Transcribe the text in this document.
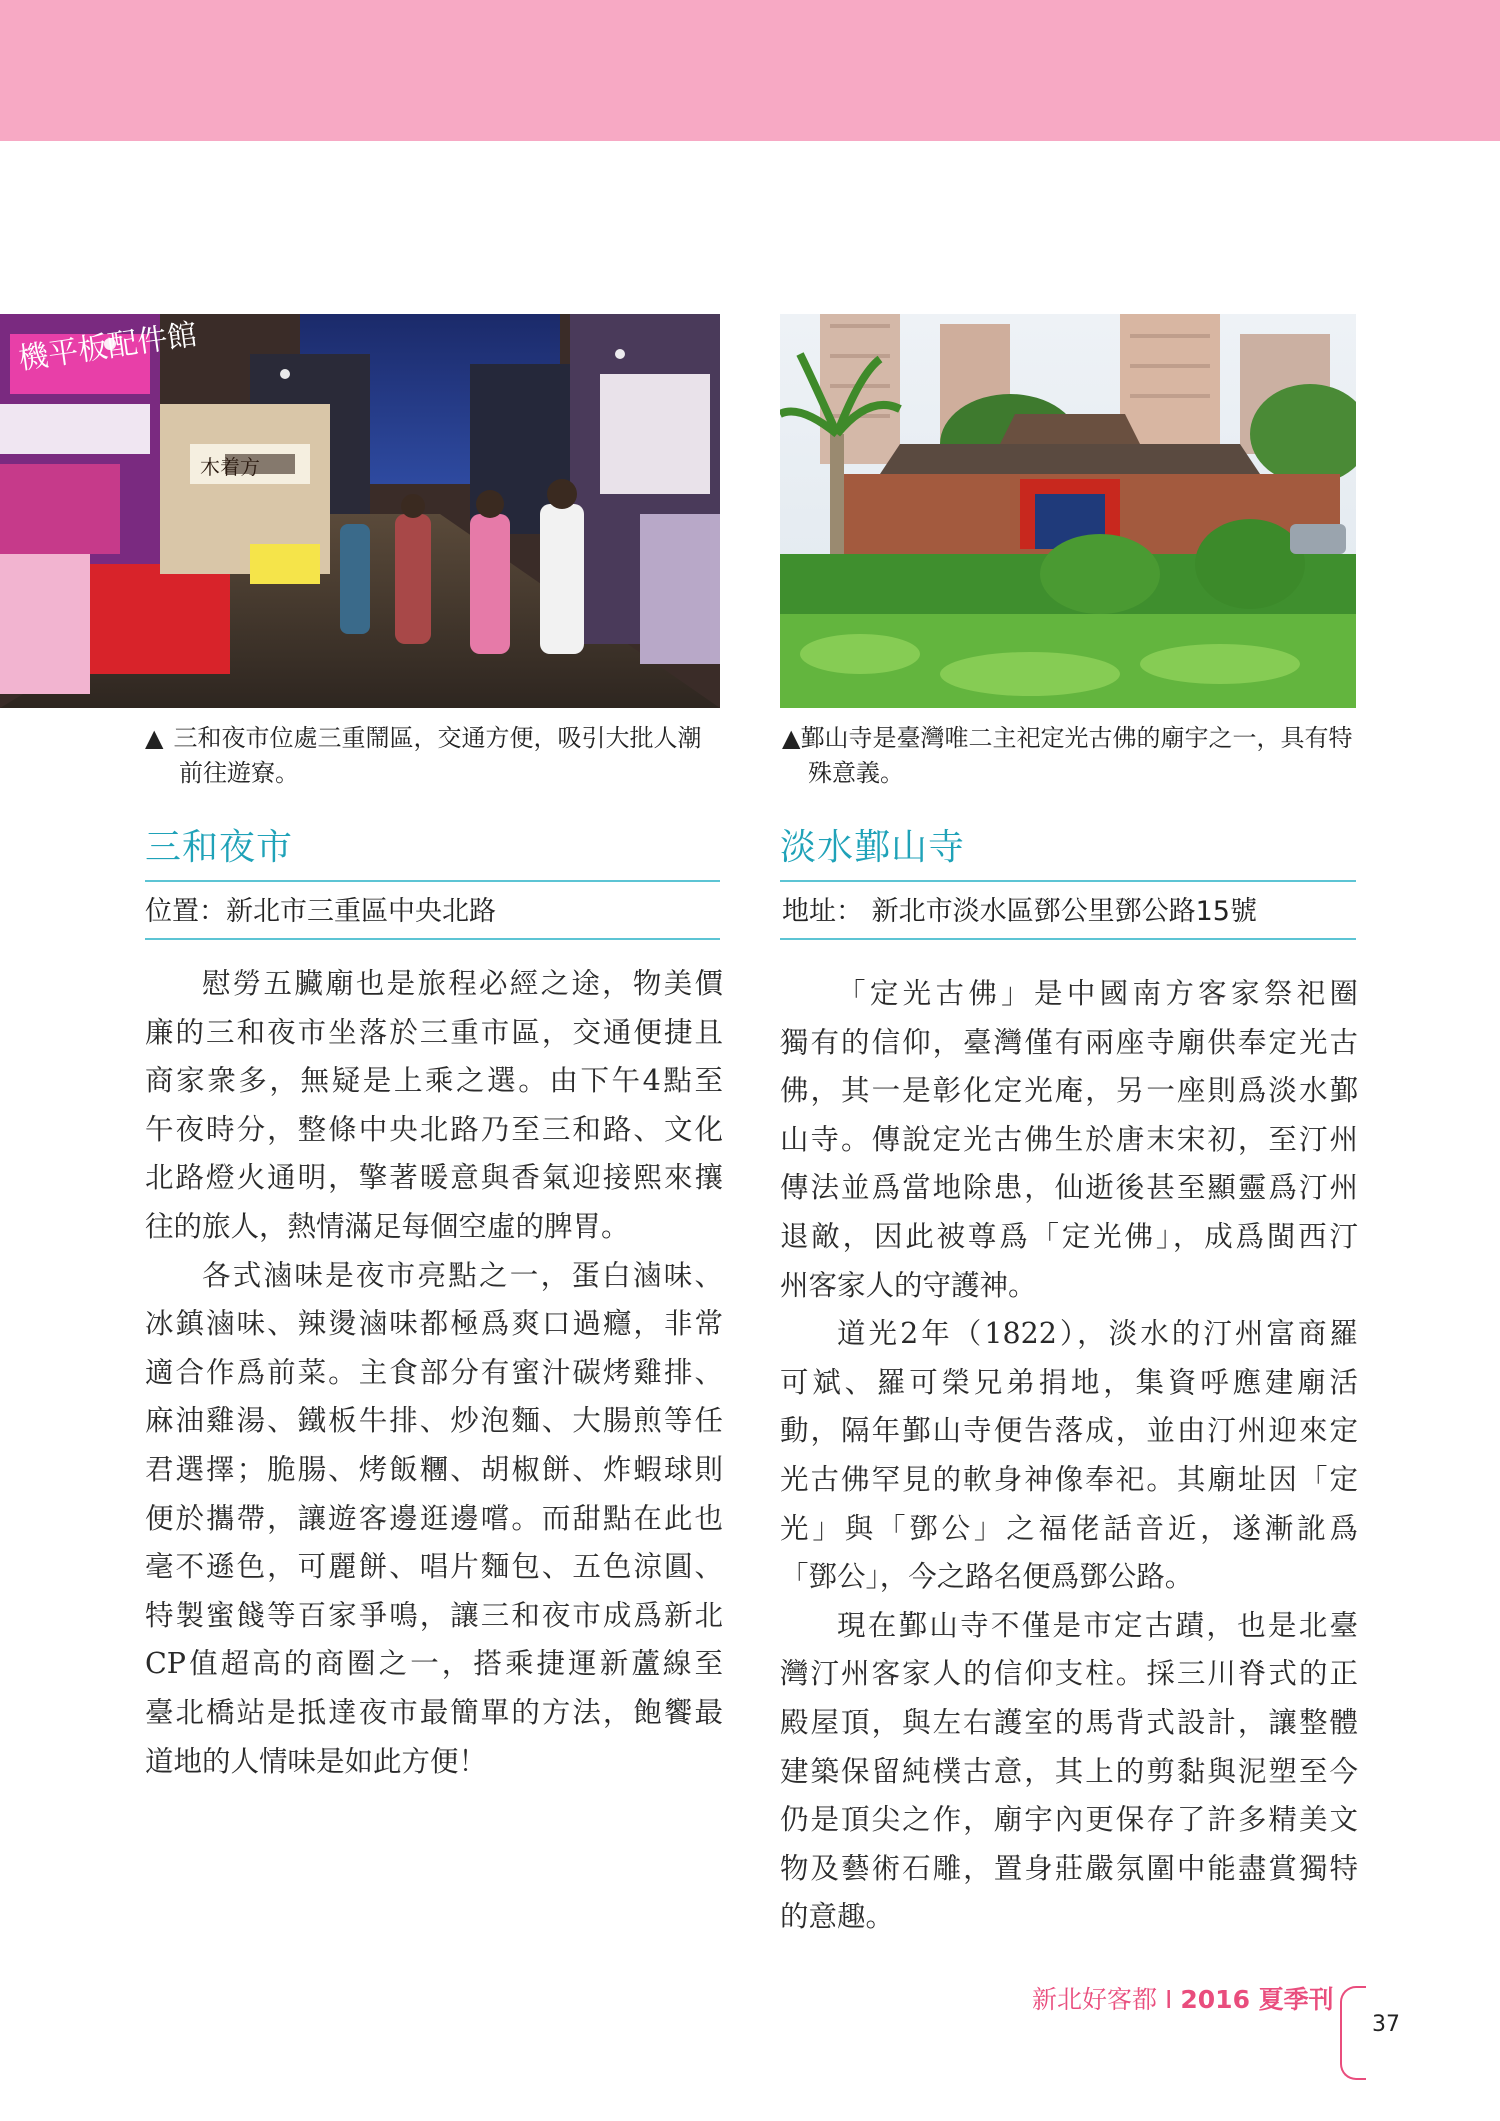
機平板配件館
木着方
▲ 三和夜市位處三重鬧區，交通方便，吸引大批人潮
前往遊寮。
▲鄞山寺是臺灣唯二主祀定光古佛的廟宇之一，具有特
殊意義。
三和夜市	淡水鄞山寺
位置：新北市三重區中央北路	地址： 新北市淡水區鄧公里鄧公路15號
慰勞五臟廟也是旅程必經之途，物美價
廉的三和夜市坐落於三重市區，交通便捷且
商家衆多，無疑是上乘之選。由下午4點至
午夜時分，整條中央北路乃至三和路、文化
北路燈火通明，擎著暖意與香氣迎接熙來攘
往的旅人，熱情滿足每個空虛的脾胃。
各式滷味是夜市亮點之一，蛋白滷味、
冰鎮滷味、辣燙滷味都極爲爽口過癮，非常
適合作爲前菜。主食部分有蜜汁碳烤雞排、
麻油雞湯、鐵板牛排、炒泡麵、大腸煎等任
君選擇；脆腸、烤飯糰、胡椒餅、炸蝦球則
便於攜帶，讓遊客邊逛邊嚐。而甜點在此也
毫不遜色，可麗餅、唱片麵包、五色涼圓、
特製蜜餞等百家爭鳴，讓三和夜市成爲新北
CP值超高的商圈之一，搭乘捷運新蘆線至
臺北橋站是抵達夜市最簡單的方法，飽饗最
道地的人情味是如此方便！
「定光古佛」是中國南方客家祭祀圈
獨有的信仰，臺灣僅有兩座寺廟供奉定光古
佛，其一是彰化定光庵，另一座則爲淡水鄞
山寺。傳說定光古佛生於唐末宋初，至汀州
傳法並爲當地除患，仙逝後甚至顯靈爲汀州
退敵，因此被尊爲「定光佛」，成爲閩西汀
州客家人的守護神。
道光2年（1822），淡水的汀州富商羅
可斌、羅可榮兄弟捐地，集資呼應建廟活
動，隔年鄞山寺便告落成，並由汀州迎來定
光古佛罕見的軟身神像奉祀。其廟址因「定
光」與「鄧公」之福佬話音近，遂漸訛爲
「鄧公」，今之路名便爲鄧公路。
現在鄞山寺不僅是市定古蹟，也是北臺
灣汀州客家人的信仰支柱。採三川脊式的正
殿屋頂，與左右護室的馬背式設計，讓整體
建築保留純樸古意，其上的剪黏與泥塑至今
仍是頂尖之作，廟宇內更保存了許多精美文
物及藝術石雕，置身莊嚴氛圍中能盡賞獨特
的意趣。
新北好客都 I 2016 夏季刊
37
